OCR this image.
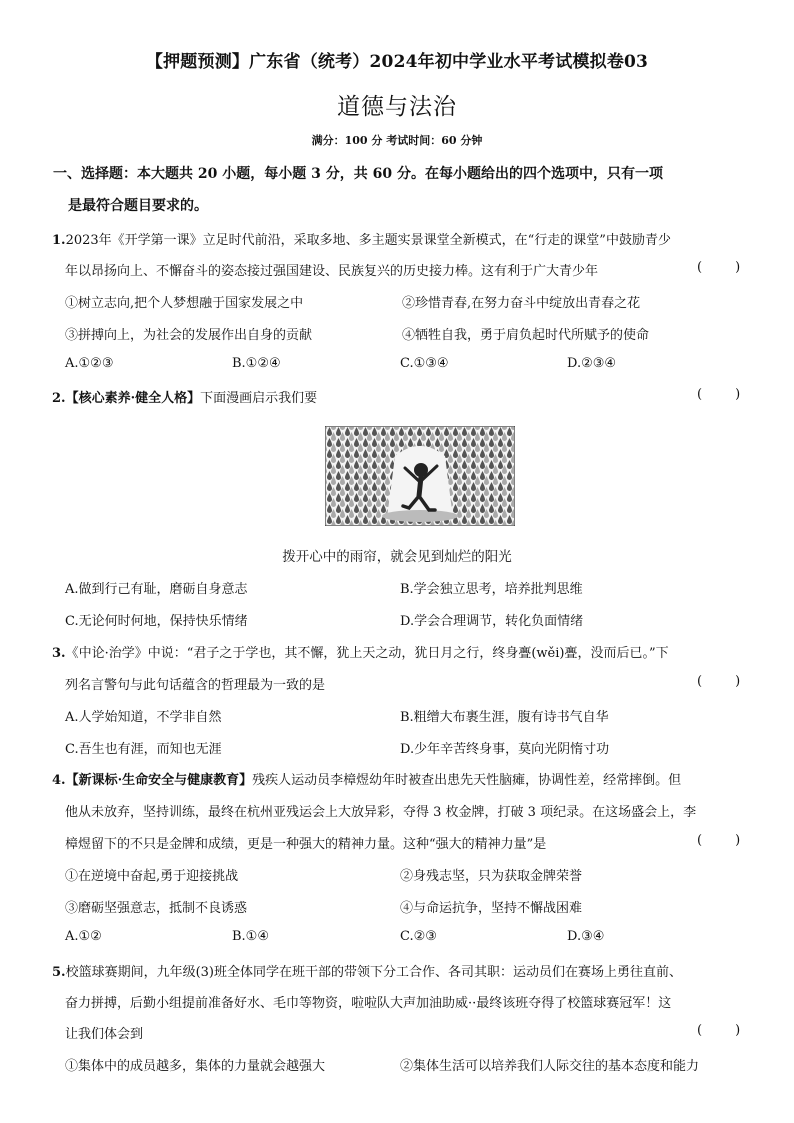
【押题预测】广东省（统考）2024年初中学业水平考试模拟卷03
道德与法治
满分：100 分 考试时间：60 分钟
一、选择题：本大题共 20 小题，每小题 3 分，共 60 分。在每小题给出的四个选项中，只有一项
是最符合题目要求的。
1.2023年《开学第一课》立足时代前沿，采取多地、多主题实景课堂全新模式，在“行走的课堂”中鼓励青少
年以昂扬向上、不懈奋斗的姿态接过强国建设、民族复兴的历史接力棒。这有利于广大青少年	(        )
①树立志向,把个人梦想融于国家发展之中	②珍惜青春,在努力奋斗中绽放出青春之花
③拼搏向上，为社会的发展作出自身的贡献	④牺牲自我，勇于肩负起时代所赋予的使命
A.①②③	B.①②④	C.①③④	D.②③④
2.【核心素养·健全人格】下面漫画启示我们要	(        )
拨开心中的雨帘，就会见到灿烂的阳光
A.做到行己有耻，磨砺自身意志	B.学会独立思考，培养批判思维
C.无论何时何地，保持快乐情绪	D.学会合理调节，转化负面情绪
3.《中论·治学》中说：“君子之于学也，其不懈，犹上天之动，犹日月之行，终身亹(wěi)亹，没而后已。”下
列名言警句与此句话蕴含的哲理最为一致的是	(        )
A.人学始知道，不学非自然	B.粗缯大布裹生涯，腹有诗书气自华
C.吾生也有涯，而知也无涯	D.少年辛苦终身事，莫向光阴惰寸功
4.【新课标·生命安全与健康教育】残疾人运动员李樟煜幼年时被查出患先天性脑瘫，协调性差，经常摔倒。但
他从未放弃，坚持训练，最终在杭州亚残运会上大放异彩，夺得 3 枚金牌，打破 3 项纪录。在这场盛会上，李
樟煜留下的不只是金牌和成绩，更是一种强大的精神力量。这种“强大的精神力量”是	(        )
①在逆境中奋起,勇于迎接挑战	②身残志坚，只为获取金牌荣誉
③磨砺坚强意志，抵制不良诱惑	④与命运抗争，坚持不懈战困难
A.①②	B.①④	C.②③	D.③④
5.校篮球赛期间，九年级(3)班全体同学在班干部的带领下分工合作、各司其职：运动员们在赛场上勇往直前、
奋力拼搏，后勤小组提前准备好水、毛巾等物资，啦啦队大声加油助威··最终该班夺得了校篮球赛冠军！这
让我们体会到	(        )
①集体中的成员越多，集体的力量就会越强大	②集体生活可以培养我们人际交往的基本态度和能力
